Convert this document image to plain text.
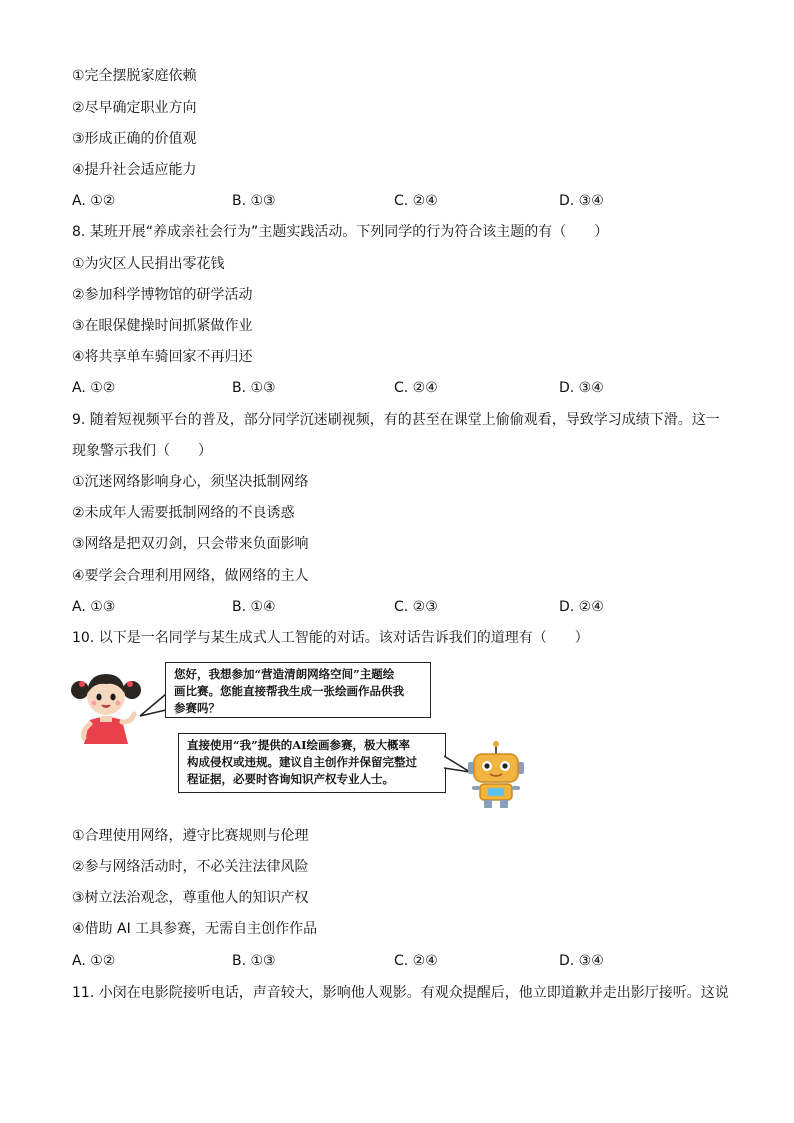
①完全摆脱家庭依赖
②尽早确定职业方向
③形成正确的价值观
④提升社会适应能力
A. ①②	B. ①③	C. ②④	D. ③④
8. 某班开展“养成亲社会行为”主题实践活动。下列同学的行为符合该主题的有（　　）
①为灾区人民捐出零花钱
②参加科学博物馆的研学活动
③在眼保健操时间抓紧做作业
④将共享单车骑回家不再归还
A. ①②	B. ①③	C. ②④	D. ③④
9. 随着短视频平台的普及，部分同学沉迷刷视频，有的甚至在课堂上偷偷观看，导致学习成绩下滑。这一
现象警示我们（　　）
①沉迷网络影响身心，须坚决抵制网络
②未成年人需要抵制网络的不良诱惑
③网络是把双刃剑，只会带来负面影响
④要学会合理利用网络，做网络的主人
A. ①③	B. ①④	C. ②③	D. ②④
10. 以下是一名同学与某生成式人工智能的对话。该对话告诉我们的道理有（　　）
您好，我想参加“营造清朗网络空间”主题绘
画比赛。您能直接帮我生成一张绘画作品供我
参赛吗？
直接使用“我”提供的AI绘画参赛，极大概率
构成侵权或违规。建议自主创作并保留完整过
程证据，必要时咨询知识产权专业人士。
①合理使用网络，遵守比赛规则与伦理
②参与网络活动时，不必关注法律风险
③树立法治观念，尊重他人的知识产权
④借助 AI 工具参赛，无需自主创作作品
A. ①②	B. ①③	C. ②④	D. ③④
11. 小闵在电影院接听电话，声音较大，影响他人观影。有观众提醒后，他立即道歉并走出影厅接听。这说
